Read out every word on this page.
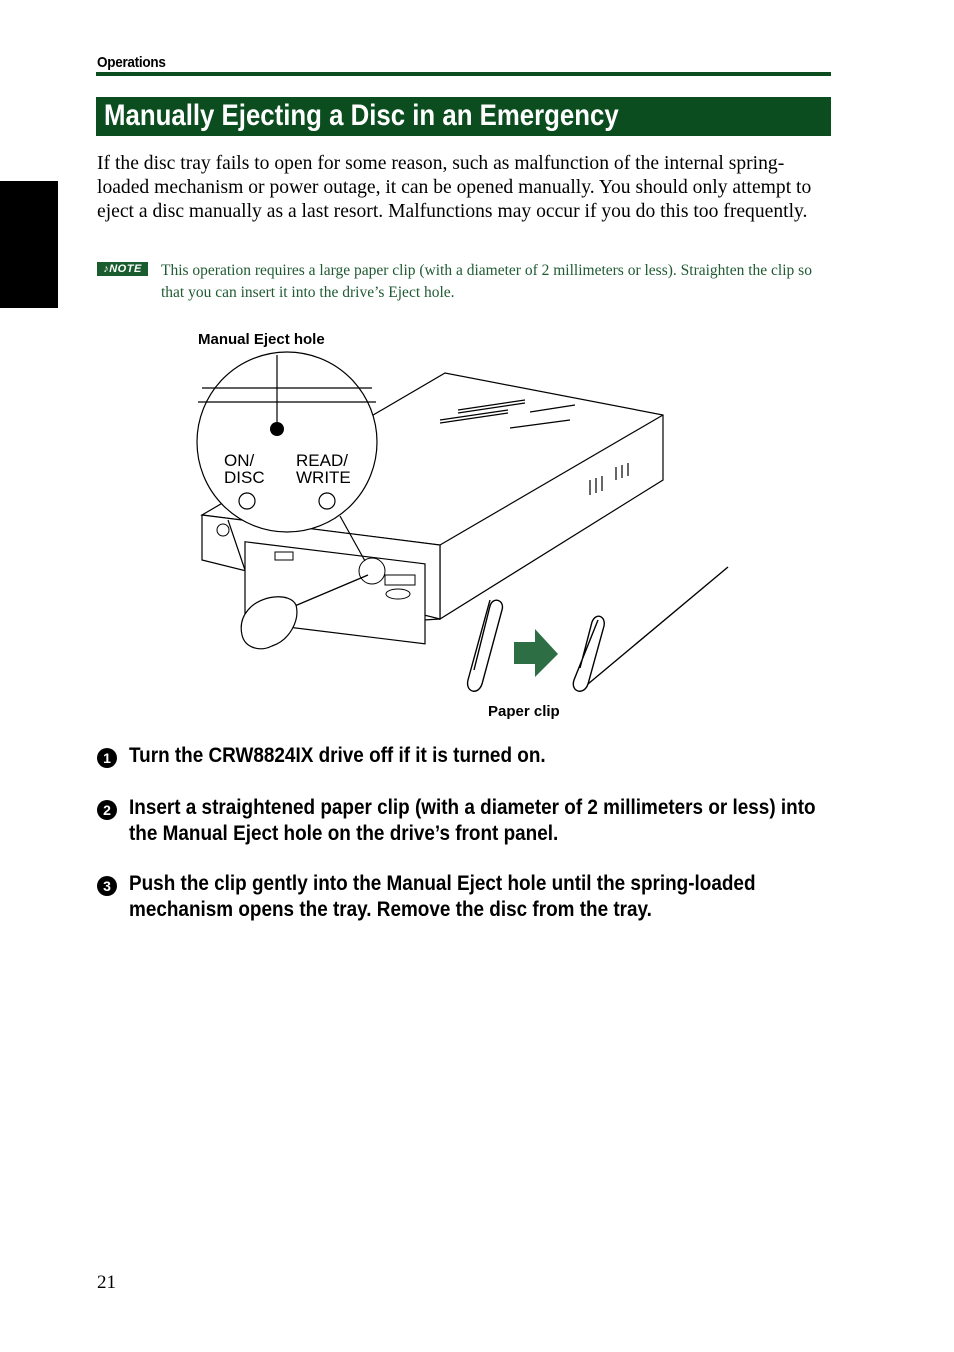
Operations
Manually Ejecting a Disc in an Emergency
If the disc tray fails to open for some reason, such as malfunction of the internal spring-loaded mechanism or power outage, it can be opened manually. You should only attempt to eject a disc manually as a last resort. Malfunctions may occur if you do this too frequently.
♪NOTE	This operation requires a large paper clip (with a diameter of 2 millimeters or less). Straighten the clip so that you can insert it into the drive’s Eject hole.
Manual Eject hole
Paper clip
ON/
DISC
READ/
WRITE
1 Turn the CRW8824IX drive off if it is turned on.
2 Insert a straightened paper clip (with a diameter of 2 millimeters or less) into the Manual Eject hole on the drive’s front panel.
3 Push the clip gently into the Manual Eject hole until the spring-loaded mechanism opens the tray. Remove the disc from the tray.
21
